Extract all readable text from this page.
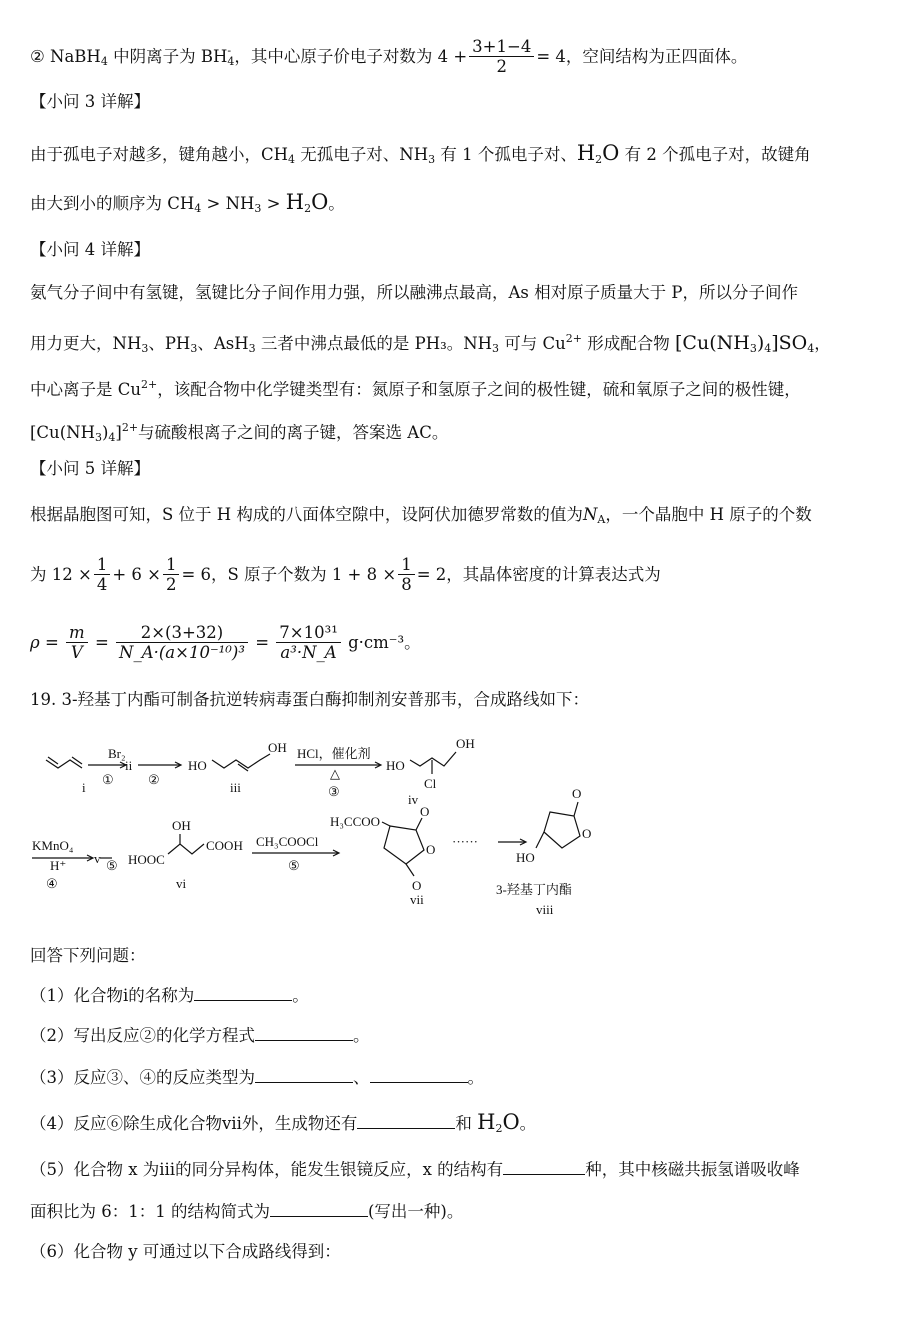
② NaBH$_4$ 中阴离子为 BH -
$_4$，其中心原子价电子对数为 $4 + \frac{3+1-4}{2} = 4$，空间结构为正四面体。
【小问 3 详解】
由于孤电子对越多，键角越小，$CH_4$ 无孤电子对、$NH_3$ 有 1 个孤电子对、$H_2O$ 有 2 个孤电子对，故键角
由大到小的顺序为 $CH_4 > NH_3 > H_2O$。
【小问 4 详解】
氨气分子间中有氢键，氢键比分子间作用力强，所以融沸点最高，As 相对原子质量大于 P，所以分子间作
用力更大，$NH_3$、$PH_3$、AsH$_3$ 三者中沸点最低的是 PH₃。$NH_3$ 可与 $Cu^{2+}$ 形成配合物 $[Cu(NH_3)_4]SO_4$，
中心离子是 $Cu^{2+}$，该配合物中化学键类型有：氮原子和氢原子之间的极性键，硫和氧原子之间的极性键，
$[Cu(NH_3)_4]^{2+}$与硫酸根离子之间的离子键，答案选 AC。
【小问 5 详解】
根据晶胞图可知，S 位于 H 构成的八面体空隙中，设阿伏加德罗常数的值为$N_A$，一个晶胞中 H 原子的个数
为 $12 \times \frac{1}{4} + 6 \times \frac{1}{2} = 6$，S 原子个数为 $1 + 8 \times \frac{1}{8} = 2$，其晶体密度的计算表达式为
$\rho = \frac{m}{V} = \frac{2\times(3+32)}{\text{N\_A·(a×10⁻¹⁰)³}} = \frac{\text{7×10³¹}}{\text{a³·N\_A}} g\cdot cm^{-3}$。
19. 3-羟基丁内酯可制备抗逆转病毒蛋白酶抑制剂安普那韦，合成路线如下：
Br₂
①
ii
②
HO
OH
iii
HCl，催化剂
△
③
HO
OH
Cl
iv
KMnO₄
H⁺
④
v ⑤ HOOC
COOH
OH
vi
CH₃COOCl
⑤
H₃CCOO
O
O
O
vii
······
O
O
HO
3-羟基丁内酯
viii
i
回答下列问题：
（1）化合物ⅰ的名称为	。
（2）写出反应②的化学方程式	。
（3）反应③、④的反应类型为	、	。
（4）反应⑥除生成化合物ⅶ外，生成物还有	和 $H_2O$。
（5）化合物 x 为ⅲ的同分异构体，能发生银镜反应，x 的结构有	种，其中核磁共振氢谱吸收峰
面积比为 6：1：1 的结构简式为	(写出一种)。
（6）化合物 y 可通过以下合成路线得到：
